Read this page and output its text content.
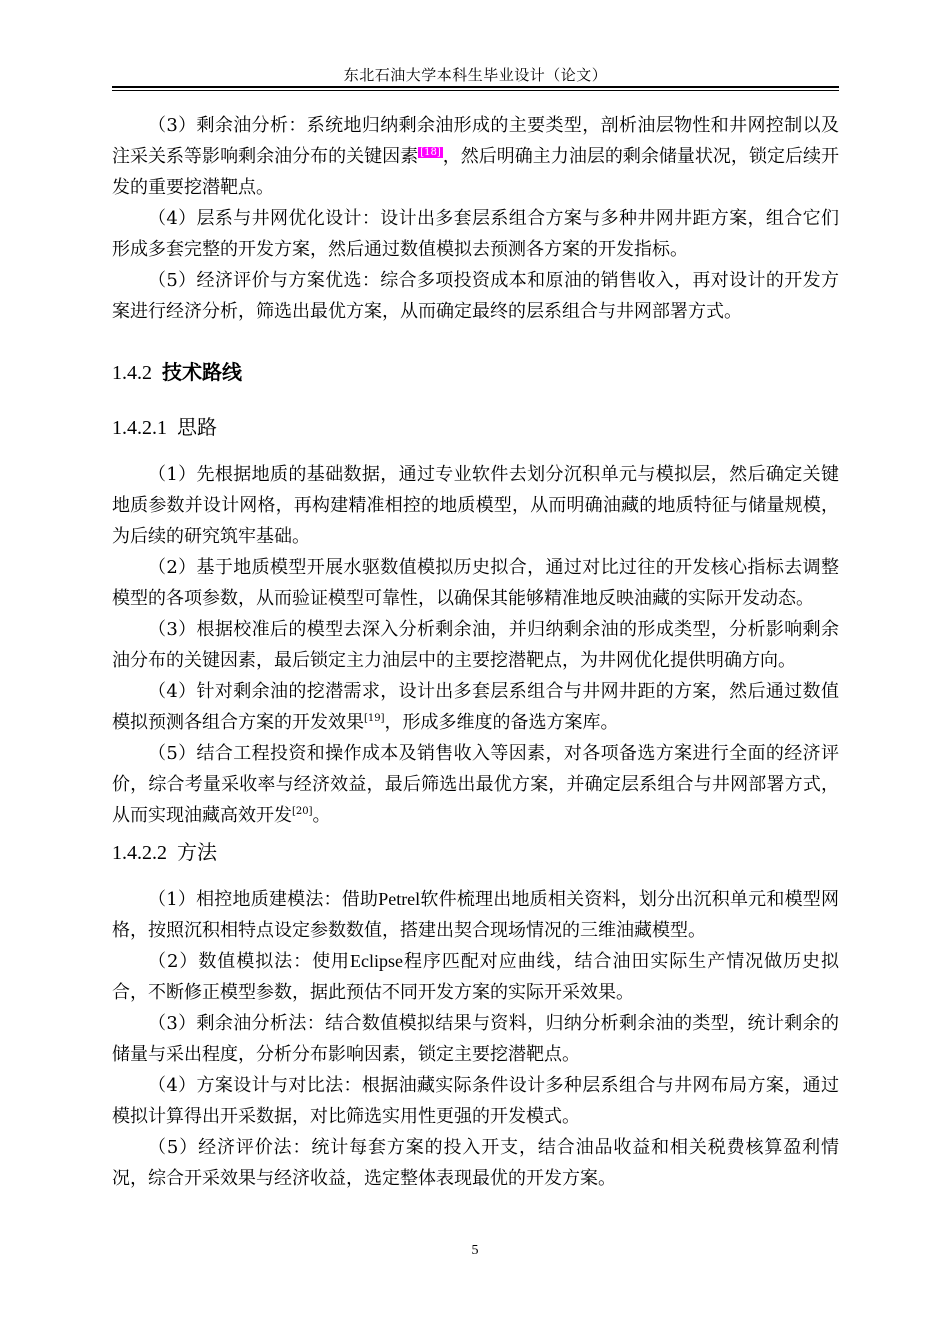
东北石油大学本科生毕业设计（论文）

（3）剩余油分析：系统地归纳剩余油形成的主要类型，剖析油层物性和井网控制以及注采关系等影响剩余油分布的关键因素 [18] ，然后明确主力油层的剩余储量状况，锁定后续开发的重要挖潜靶点。

（4）层系与井网优化设计：设计出多套层系组合方案与多种井网井距方案，组合它们形成多套完整的开发方案，然后通过数值模拟去预测各方案的开发指标。

（5）经济评价与方案优选：综合多项投资成本和原油的销售收入，再对设计的开发方案进行经济分析，筛选出最优方案，从而确定最终的层系组合与井网部署方式。

1.4.2 技术路线
1.4.2.1 思路

（1）先根据地质的基础数据，通过专业软件去划分沉积单元与模拟层，然后确定关键地质参数并设计网格，再构建精准相控的地质模型，从而明确油藏的地质特征与储量规模，为后续的研究筑牢基础。

（2）基于地质模型开展水驱数值模拟历史拟合，通过对比过往的开发核心指标去调整模型的各项参数，从而验证模型可靠性，以确保其能够精准地反映油藏的实际开发动态。

（3）根据校准后的模型去深入分析剩余油，并归纳剩余油的形成类型，分析影响剩余油分布的关键因素，最后锁定主力油层中的主要挖潜靶点，为井网优化提供明确方向。

（4）针对剩余油的挖潜需求，设计出多套层系组合与井网井距的方案，然后通过数值模拟预测各组合方案的开发效果[19]，形成多维度的备选方案库。

（5）结合工程投资和操作成本及销售收入等因素，对各项备选方案进行全面的经济评价，综合考量采收率与经济效益，最后筛选出最优方案，并确定层系组合与井网部署方式，从而实现油藏高效开发[20]。

1.4.2.2 方法

（1）相控地质建模法：借助Petrel软件梳理出地质相关资料，划分出沉积单元和模型网格，按照沉积相特点设定参数数值，搭建出契合现场情况的三维油藏模型。

（2）数值模拟法：使用Eclipse程序匹配对应曲线，结合油田实际生产情况做历史拟合，不断修正模型参数，据此预估不同开发方案的实际开采效果。

（3）剩余油分析法：结合数值模拟结果与资料，归纳分析剩余油的类型，统计剩余的储量与采出程度，分析分布影响因素，锁定主要挖潜靶点。

（4）方案设计与对比法：根据油藏实际条件设计多种层系组合与井网布局方案，通过模拟计算得出开采数据，对比筛选实用性更强的开发模式。

（5）经济评价法：统计每套方案的投入开支，结合油品收益和相关税费核算盈利情况，综合开采效果与经济收益，选定整体表现最优的开发方案。

5
